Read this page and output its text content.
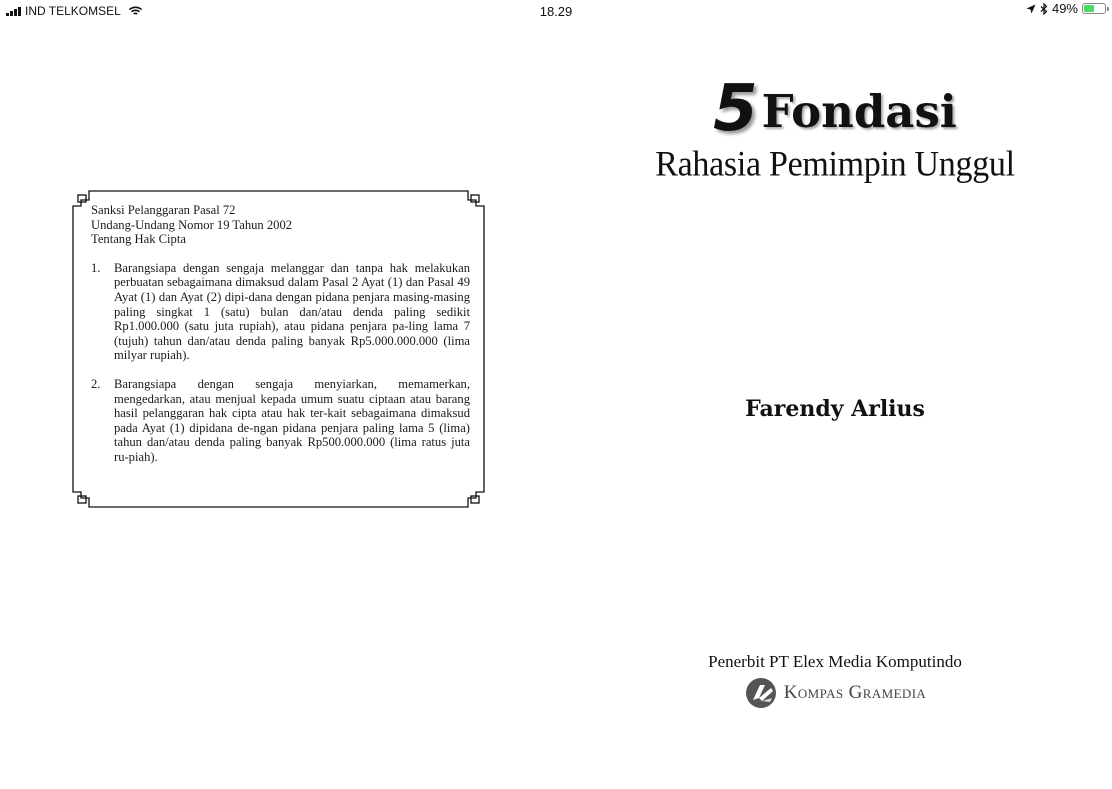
IND TELKOMSEL	18.29	49%

Sanksi Pelanggaran Pasal 72

Undang-Undang Nomor 19 Tahun 2002

Tentang Hak Cipta

1. Barangsiapa dengan sengaja melanggar dan tanpa hak melakukan perbuatan sebagaimana dimaksud dalam Pasal 2 Ayat (1) dan Pasal 49 Ayat (1) dan Ayat (2) dipi-dana dengan pidana penjara masing-masing paling singkat 1 (satu) bulan dan/atau denda paling sedikit Rp1.000.000 (satu juta rupiah), atau pidana penjara pa-ling lama 7 (tujuh) tahun dan/atau denda paling banyak Rp5.000.000.000 (lima milyar rupiah).
2. Barangsiapa dengan sengaja menyiarkan, memamerkan, mengedarkan, atau menjual kepada umum suatu ciptaan atau barang hasil pelanggaran hak cipta atau hak ter-kait sebagaimana dimaksud pada Ayat (1) dipidana de-ngan pidana penjara paling lama 5 (lima) tahun dan/atau denda paling banyak Rp500.000.000 (lima ratus juta ru-piah).
5 Fondasi
Rahasia Pemimpin Unggul
Farendy Arlius
Penerbit PT Elex Media Komputindo
Kompas Gramedia
